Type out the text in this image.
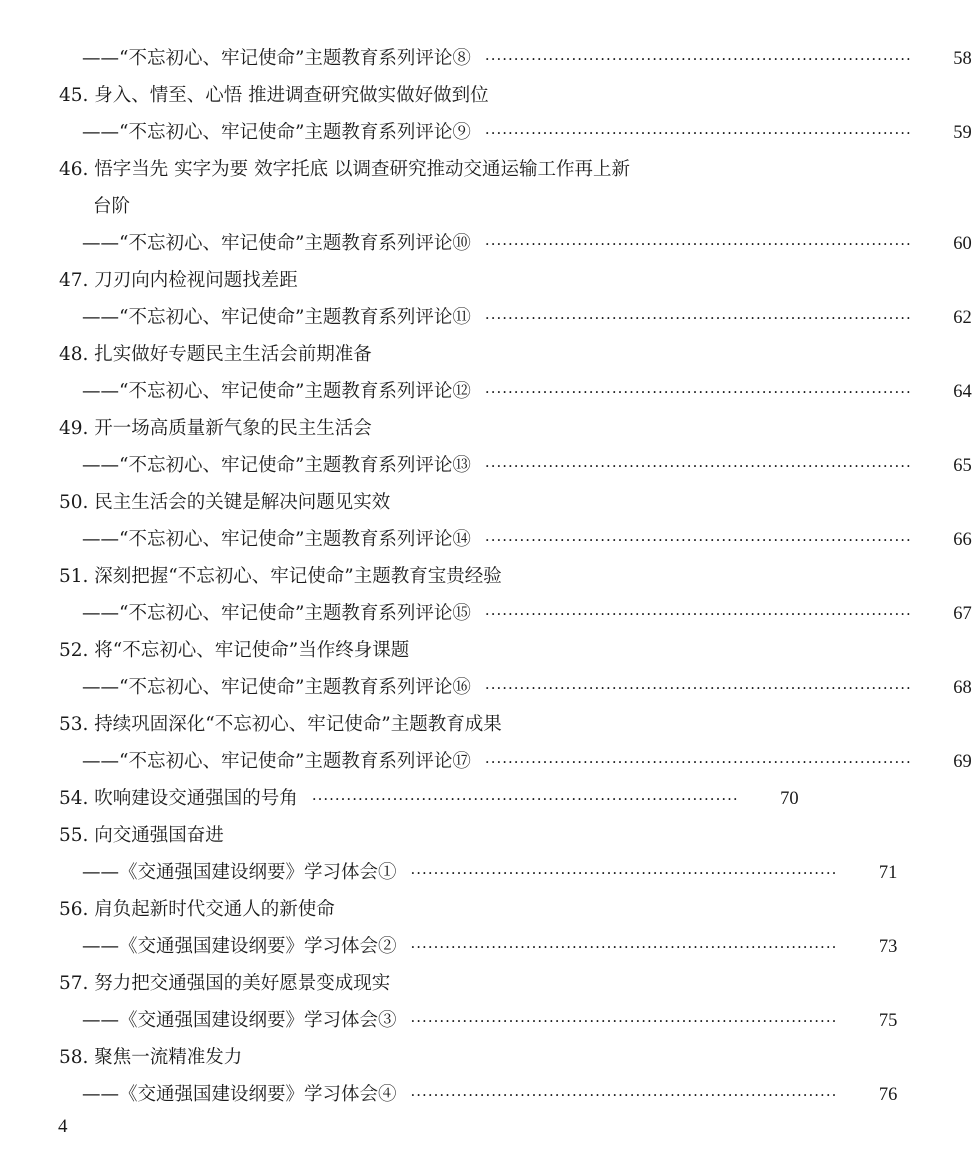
——“不忘初心、牢记使命”主题教育系列评论⑧ ··········································································	58
45. 身入、情至、心悟 推进调查研究做实做好做到位
——“不忘初心、牢记使命”主题教育系列评论⑨ ··········································································	59
46. 悟字当先 实字为要 效字托底 以调查研究推动交通运输工作再上新
台阶
——“不忘初心、牢记使命”主题教育系列评论⑩ ··········································································	60
47. 刀刃向内检视问题找差距
——“不忘初心、牢记使命”主题教育系列评论⑪ ··········································································	62
48. 扎实做好专题民主生活会前期准备
——“不忘初心、牢记使命”主题教育系列评论⑫ ··········································································	64
49. 开一场高质量新气象的民主生活会
——“不忘初心、牢记使命”主题教育系列评论⑬ ··········································································	65
50. 民主生活会的关键是解决问题见实效
——“不忘初心、牢记使命”主题教育系列评论⑭ ··········································································	66
51. 深刻把握“不忘初心、牢记使命”主题教育宝贵经验
——“不忘初心、牢记使命”主题教育系列评论⑮ ··········································································	67
52. 将“不忘初心、牢记使命”当作终身课题
——“不忘初心、牢记使命”主题教育系列评论⑯ ··········································································	68
53. 持续巩固深化“不忘初心、牢记使命”主题教育成果
——“不忘初心、牢记使命”主题教育系列评论⑰ ··········································································	69
54. 吹响建设交通强国的号角 ··········································································	70
55. 向交通强国奋进
——《交通强国建设纲要》学习体会① ··········································································	71
56. 肩负起新时代交通人的新使命
——《交通强国建设纲要》学习体会② ··········································································	73
57. 努力把交通强国的美好愿景变成现实
——《交通强国建设纲要》学习体会③ ··········································································	75
58. 聚焦一流精准发力
——《交通强国建设纲要》学习体会④ ··········································································	76
4
